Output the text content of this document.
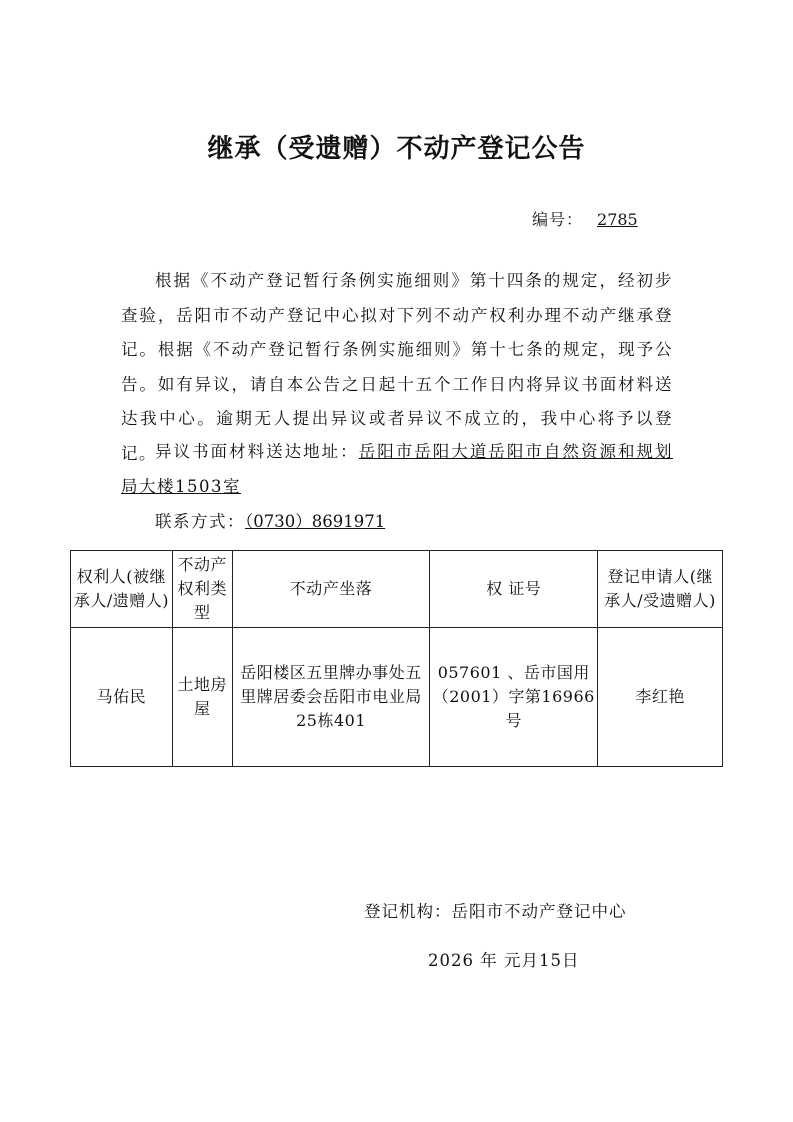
继承（受遗赠）不动产登记公告
编号： 2785
根据《不动产登记暂行条例实施细则》第十四条的规定，经初步查验，岳阳市不动产登记中心拟对下列不动产权利办理不动产继承登记。根据《不动产登记暂行条例实施细则》第十七条的规定，现予公告。如有异议，请自本公告之日起十五个工作日内将异议书面材料送达我中心。逾期无人提出异议或者异议不成立的，我中心将予以登记。
异议书面材料送达地址：岳阳市岳阳大道岳阳市自然资源和规划局大楼1503室
联系方式：（0730）8691971
权利人(被继承人/遗赠人)	不动产权利类型	不动产坐落	权 证号	登记申请人(继承人/受遗赠人)
马佑民	土地房屋	岳阳楼区五里牌办事处五里牌居委会岳阳市电业局25栋401	057601 、岳市国用（2001）字第16966号	李红艳
登记机构：岳阳市不动产登记中心
2026 年 元月15日
